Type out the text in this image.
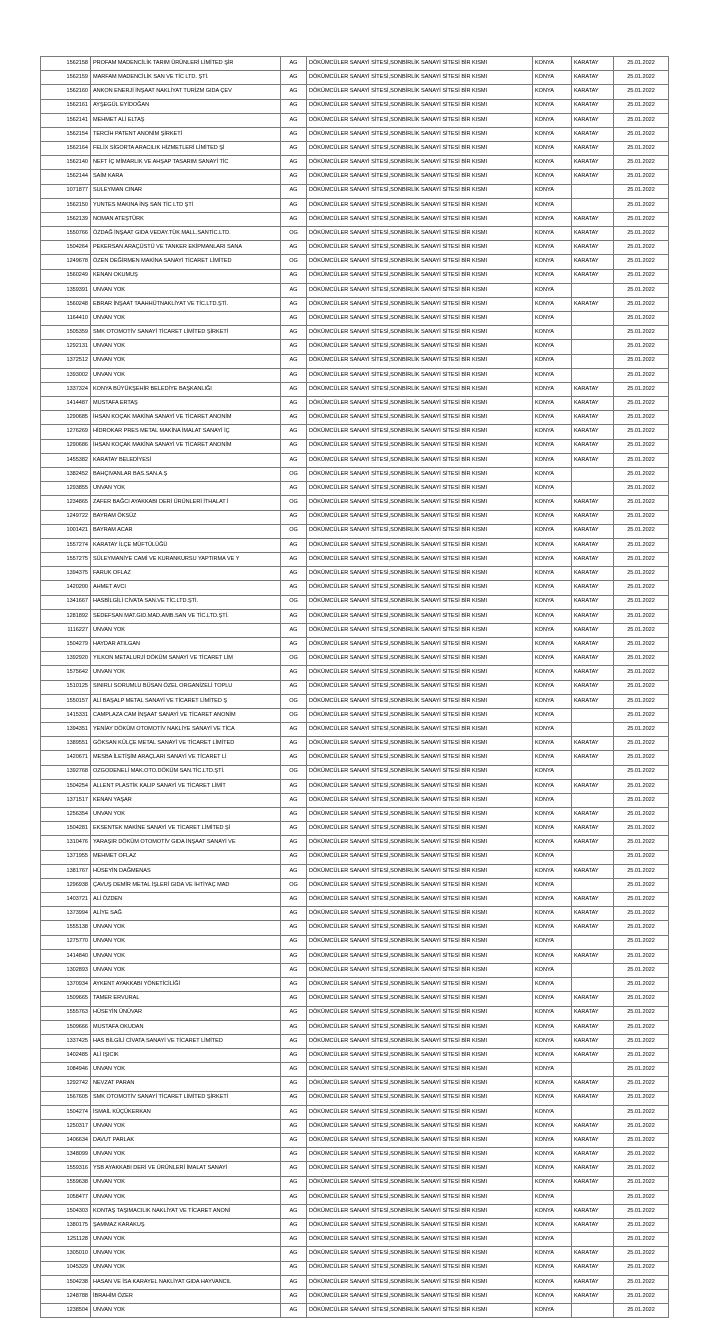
1562158	PROFAM MADENCİLİK TARIM ÜRÜNLERİ LİMİTED ŞİR	AG	DÖKÜMCÜLER SANAYİ SİTESİ,SONBİRLİK SANAYİ SİTESİ BİR KISMI	KONYA	KARATAY	25.01.2022
1562159	MARFAM MADENCİLİK SAN VE TİC LTD. ŞTİ.	AG	DÖKÜMCÜLER SANAYİ SİTESİ,SONBİRLİK SANAYİ SİTESİ BİR KISMI	KONYA	KARATAY	25.01.2022
1562160	ANKON ENERJİ İNŞAAT NAKLİYAT TURİZM GIDA ÇEV	AG	DÖKÜMCÜLER SANAYİ SİTESİ,SONBİRLİK SANAYİ SİTESİ BİR KISMI	KONYA	KARATAY	25.01.2022
1562161	AYŞEGÜL EYİDOĞAN	AG	DÖKÜMCÜLER SANAYİ SİTESİ,SONBİRLİK SANAYİ SİTESİ BİR KISMI	KONYA	KARATAY	25.01.2022
1562141	MEHMET ALİ ELTAŞ	AG	DÖKÜMCÜLER SANAYİ SİTESİ,SONBİRLİK SANAYİ SİTESİ BİR KISMI	KONYA	KARATAY	25.01.2022
1562154	TERCİH PATENT ANONİM ŞİRKETİ	AG	DÖKÜMCÜLER SANAYİ SİTESİ,SONBİRLİK SANAYİ SİTESİ BİR KISMI	KONYA	KARATAY	25.01.2022
1562164	FELİX SİGORTA ARACILIK HİZMETLERİ LİMİTED Şİ	AG	DÖKÜMCÜLER SANAYİ SİTESİ,SONBİRLİK SANAYİ SİTESİ BİR KISMI	KONYA	KARATAY	25.01.2022
1562140	NEFT İÇ MİMARLIK VE AHŞAP TASARIM SANAYİ TİC	AG	DÖKÜMCÜLER SANAYİ SİTESİ,SONBİRLİK SANAYİ SİTESİ BİR KISMI	KONYA	KARATAY	25.01.2022
1562144	SAİM KARA	AG	DÖKÜMCÜLER SANAYİ SİTESİ,SONBİRLİK SANAYİ SİTESİ BİR KISMI	KONYA	KARATAY	25.01.2022
1071877	SULEYMAN CINAR	AG	DÖKÜMCÜLER SANAYİ SİTESİ,SONBİRLİK SANAYİ SİTESİ BİR KISMI	KONYA		25.01.2022
1562150	YUNTES MAKINA İNŞ SAN TİC LTD ŞTİ	AG	DÖKÜMCÜLER SANAYİ SİTESİ,SONBİRLİK SANAYİ SİTESİ BİR KISMI	KONYA		25.01.2022
1562139	NOMAN ATEŞTÜRK	AG	DÖKÜMCÜLER SANAYİ SİTESİ,SONBİRLİK SANAYİ SİTESİ BİR KISMI	KONYA	KARATAY	25.01.2022
1550766	ÖZDAĞ İNŞAAT GIDA VEDAY.TÜK MALL.SANTİC.LTD.	OG	DÖKÜMCÜLER SANAYİ SİTESİ,SONBİRLİK SANAYİ SİTESİ BİR KISMI	KONYA	KARATAY	25.01.2022
1504264	PEKERSAN ARAÇÜSTÜ VE TANKER EKİPMANLARI SANA	AG	DÖKÜMCÜLER SANAYİ SİTESİ,SONBİRLİK SANAYİ SİTESİ BİR KISMI	KONYA	KARATAY	25.01.2022
1249678	ÖZEN DEĞİRMEN MAKİNA SANAYİ TİCARET LİMİTED	OG	DÖKÜMCÜLER SANAYİ SİTESİ,SONBİRLİK SANAYİ SİTESİ BİR KISMI	KONYA	KARATAY	25.01.2022
1560249	KENAN OKUMUŞ	AG	DÖKÜMCÜLER SANAYİ SİTESİ,SONBİRLİK SANAYİ SİTESİ BİR KISMI	KONYA	KARATAY	25.01.2022
1359391	UNVAN YOK	AG	DÖKÜMCÜLER SANAYİ SİTESİ,SONBİRLİK SANAYİ SİTESİ BİR KISMI	KONYA		25.01.2022
1560248	EBRAR İNŞAAT TAAHHÜTNAKLİYAT VE TİC.LTD.ŞTİ.	AG	DÖKÜMCÜLER SANAYİ SİTESİ,SONBİRLİK SANAYİ SİTESİ BİR KISMI	KONYA	KARATAY	25.01.2022
1164410	UNVAN YOK	AG	DÖKÜMCÜLER SANAYİ SİTESİ,SONBİRLİK SANAYİ SİTESİ BİR KISMI	KONYA		25.01.2022
1505359	SMK OTOMOTİV SANAYİ TİCARET LİMİTED ŞİRKETİ	AG	DÖKÜMCÜLER SANAYİ SİTESİ,SONBİRLİK SANAYİ SİTESİ BİR KISMI	KONYA		25.01.2022
1292131	UNVAN YOK	AG	DÖKÜMCÜLER SANAYİ SİTESİ,SONBİRLİK SANAYİ SİTESİ BİR KISMI	KONYA		25.01.2022
1372512	UNVAN YOK	AG	DÖKÜMCÜLER SANAYİ SİTESİ,SONBİRLİK SANAYİ SİTESİ BİR KISMI	KONYA		25.01.2022
1393002	UNVAN YOK	AG	DÖKÜMCÜLER SANAYİ SİTESİ,SONBİRLİK SANAYİ SİTESİ BİR KISMI	KONYA		25.01.2022
1337324	KONYA BÜYÜKŞEHİR BELEDİYE BAŞKANLIĞI	AG	DÖKÜMCÜLER SANAYİ SİTESİ,SONBİRLİK SANAYİ SİTESİ BİR KISMI	KONYA	KARATAY	25.01.2022
1414487	MUSTAFA ERTAŞ	AG	DÖKÜMCÜLER SANAYİ SİTESİ,SONBİRLİK SANAYİ SİTESİ BİR KISMI	KONYA	KARATAY	25.01.2022
1290685	İHSAN KOÇAK MAKİNA SANAYİ VE TİCARET ANONİM	AG	DÖKÜMCÜLER SANAYİ SİTESİ,SONBİRLİK SANAYİ SİTESİ BİR KISMI	KONYA	KARATAY	25.01.2022
1276269	HİDROKAR PRES METAL MAKİNA İMALAT SANAYİ İÇ	AG	DÖKÜMCÜLER SANAYİ SİTESİ,SONBİRLİK SANAYİ SİTESİ BİR KISMI	KONYA	KARATAY	25.01.2022
1290686	İHSAN KOÇAK MAKİNA SANAYİ VE TİCARET ANONİM	AG	DÖKÜMCÜLER SANAYİ SİTESİ,SONBİRLİK SANAYİ SİTESİ BİR KISMI	KONYA	KARATAY	25.01.2022
1455382	KARATAY BELEDİYESİ	AG	DÖKÜMCÜLER SANAYİ SİTESİ,SONBİRLİK SANAYİ SİTESİ BİR KISMI	KONYA	KARATAY	25.01.2022
1382452	BAHÇIVANLAR BAS.SAN.A.Ş	OG	DÖKÜMCÜLER SANAYİ SİTESİ,SONBİRLİK SANAYİ SİTESİ BİR KISMI	KONYA		25.01.2022
1293855	UNVAN YOK	AG	DÖKÜMCÜLER SANAYİ SİTESİ,SONBİRLİK SANAYİ SİTESİ BİR KISMI	KONYA		25.01.2022
1234865	ZAFER BAĞCI AYAKKABI DERİ ÜRÜNLERİ İTHALAT İ	OG	DÖKÜMCÜLER SANAYİ SİTESİ,SONBİRLİK SANAYİ SİTESİ BİR KISMI	KONYA	KARATAY	25.01.2022
1249722	BAYRAM ÖKSÜZ	AG	DÖKÜMCÜLER SANAYİ SİTESİ,SONBİRLİK SANAYİ SİTESİ BİR KISMI	KONYA	KARATAY	25.01.2022
1001421	BAYRAM ACAR	OG	DÖKÜMCÜLER SANAYİ SİTESİ,SONBİRLİK SANAYİ SİTESİ BİR KISMI	KONYA	KARATAY	25.01.2022
1557274	KARATAY İLÇE MÜFTÜLÜĞÜ	AG	DÖKÜMCÜLER SANAYİ SİTESİ,SONBİRLİK SANAYİ SİTESİ BİR KISMI	KONYA	KARATAY	25.01.2022
1557275	SÜLEYMANİYE CAMİ VE KURANKURSU YAPTIRMA VE Y	AG	DÖKÜMCÜLER SANAYİ SİTESİ,SONBİRLİK SANAYİ SİTESİ BİR KISMI	KONYA	KARATAY	25.01.2022
1394375	FARUK OFLAZ	AG	DÖKÜMCÜLER SANAYİ SİTESİ,SONBİRLİK SANAYİ SİTESİ BİR KISMI	KONYA	KARATAY	25.01.2022
1420200	AHMET AVCI	AG	DÖKÜMCÜLER SANAYİ SİTESİ,SONBİRLİK SANAYİ SİTESİ BİR KISMI	KONYA	KARATAY	25.01.2022
1341667	HASBİLGİLİ CİVATA SAN.VE TİC.LTD.ŞTİ.	OG	DÖKÜMCÜLER SANAYİ SİTESİ,SONBİRLİK SANAYİ SİTESİ BİR KISMI	KONYA	KARATAY	25.01.2022
1281892	SEDEFSAN MAT.GID.MAD.AMB.SAN VE TİC.LTD.ŞTİ.	AG	DÖKÜMCÜLER SANAYİ SİTESİ,SONBİRLİK SANAYİ SİTESİ BİR KISMI	KONYA	KARATAY	25.01.2022
1116227	UNVAN YOK	AG	DÖKÜMCÜLER SANAYİ SİTESİ,SONBİRLİK SANAYİ SİTESİ BİR KISMI	KONYA	KARATAY	25.01.2022
1504279	HAYDAR ATILGAN	AG	DÖKÜMCÜLER SANAYİ SİTESİ,SONBİRLİK SANAYİ SİTESİ BİR KISMI	KONYA	KARATAY	25.01.2022
1392920	YILKON METALURJİ DÖKÜM SANAYİ VE TİCARET LİM	OG	DÖKÜMCÜLER SANAYİ SİTESİ,SONBİRLİK SANAYİ SİTESİ BİR KISMI	KONYA	KARATAY	25.01.2022
1575642	UNVAN YOK	AG	DÖKÜMCÜLER SANAYİ SİTESİ,SONBİRLİK SANAYİ SİTESİ BİR KISMI	KONYA	KARATAY	25.01.2022
1510125	SINIRLI SORUMLU BÜSAN ÖZEL ORGANİZELİ TOPLU	AG	DÖKÜMCÜLER SANAYİ SİTESİ,SONBİRLİK SANAYİ SİTESİ BİR KISMI	KONYA	KARATAY	25.01.2022
1550157	ALİ BAŞALP METAL SANAYİ VE TİCARET LİMİTED Ş	OG	DÖKÜMCÜLER SANAYİ SİTESİ,SONBİRLİK SANAYİ SİTESİ BİR KISMI	KONYA	KARATAY	25.01.2022
1415331	CAMPLAZA CAM İNŞAAT SANAYİ VE TİCARET ANONİM	OG	DÖKÜMCÜLER SANAYİ SİTESİ,SONBİRLİK SANAYİ SİTESİ BİR KISMI	KONYA		25.01.2022
1394351	YENİAY DÖKÜM OTOMOTİV NAKLİYE SANAYİ VE TİCA	AG	DÖKÜMCÜLER SANAYİ SİTESİ,SONBİRLİK SANAYİ SİTESİ BİR KISMI	KONYA		25.01.2022
1389551	GÖKSAN KÜLÇE METAL SANAYİ VE TİCARET LİMİTED	AG	DÖKÜMCÜLER SANAYİ SİTESİ,SONBİRLİK SANAYİ SİTESİ BİR KISMI	KONYA	KARATAY	25.01.2022
1420671	MESBA İLETİŞİM ARAÇLARI SANAYİ VE TİCARET Lİ	AG	DÖKÜMCÜLER SANAYİ SİTESİ,SONBİRLİK SANAYİ SİTESİ BİR KISMI	KONYA	KARATAY	25.01.2022
1392768	OZGODENELİ MAK.OTO.DÖKÜM SAN.TİC.LTD.ŞTİ.	OG	DÖKÜMCÜLER SANAYİ SİTESİ,SONBİRLİK SANAYİ SİTESİ BİR KISMI	KONYA		25.01.2022
1504254	ALLENT PLASTİK KALIP SANAYİ VE TİCARET LİMİT	AG	DÖKÜMCÜLER SANAYİ SİTESİ,SONBİRLİK SANAYİ SİTESİ BİR KISMI	KONYA	KARATAY	25.01.2022
1371517	KENAN YAŞAR	AG	DÖKÜMCÜLER SANAYİ SİTESİ,SONBİRLİK SANAYİ SİTESİ BİR KISMI	KONYA		25.01.2022
1256354	UNVAN YOK	AG	DÖKÜMCÜLER SANAYİ SİTESİ,SONBİRLİK SANAYİ SİTESİ BİR KISMI	KONYA	KARATAY	25.01.2022
1504281	EKSENTEK MAKİNE SANAYİ VE TİCARET LİMİTED Şİ	AG	DÖKÜMCÜLER SANAYİ SİTESİ,SONBİRLİK SANAYİ SİTESİ BİR KISMI	KONYA	KARATAY	25.01.2022
1310476	YARAŞIR DÖKÜM OTOMOTİV GIDA İNŞAAT SANAYİ VE	AG	DÖKÜMCÜLER SANAYİ SİTESİ,SONBİRLİK SANAYİ SİTESİ BİR KISMI	KONYA	KARATAY	25.01.2022
1371955	MEHMET OFLAZ	AG	DÖKÜMCÜLER SANAYİ SİTESİ,SONBİRLİK SANAYİ SİTESİ BİR KISMI	KONYA		25.01.2022
1381767	HÜSEYİN DAĞMENAS	AG	DÖKÜMCÜLER SANAYİ SİTESİ,SONBİRLİK SANAYİ SİTESİ BİR KISMI	KONYA	KARATAY	25.01.2022
1296938	ÇAVUŞ DEMİR METAL İŞLERİ GIDA VE İHTİYAÇ MAD	OG	DÖKÜMCÜLER SANAYİ SİTESİ,SONBİRLİK SANAYİ SİTESİ BİR KISMI	KONYA		25.01.2022
1403721	ALİ ÖZDEN	AG	DÖKÜMCÜLER SANAYİ SİTESİ,SONBİRLİK SANAYİ SİTESİ BİR KISMI	KONYA	KARATAY	25.01.2022
1373994	ALİYE SAĞ	AG	DÖKÜMCÜLER SANAYİ SİTESİ,SONBİRLİK SANAYİ SİTESİ BİR KISMI	KONYA	KARATAY	25.01.2022
1555138	UNVAN YOK	AG	DÖKÜMCÜLER SANAYİ SİTESİ,SONBİRLİK SANAYİ SİTESİ BİR KISMI	KONYA	KARATAY	25.01.2022
1275770	UNVAN YOK	AG	DÖKÜMCÜLER SANAYİ SİTESİ,SONBİRLİK SANAYİ SİTESİ BİR KISMI	KONYA		25.01.2022
1414840	UNVAN YOK	AG	DÖKÜMCÜLER SANAYİ SİTESİ,SONBİRLİK SANAYİ SİTESİ BİR KISMI	KONYA	KARATAY	25.01.2022
1302893	UNVAN YOK	AG	DÖKÜMCÜLER SANAYİ SİTESİ,SONBİRLİK SANAYİ SİTESİ BİR KISMI	KONYA		25.01.2022
1370934	AYKENT AYAKKABI YÖNETİCİLİĞİ	AG	DÖKÜMCÜLER SANAYİ SİTESİ,SONBİRLİK SANAYİ SİTESİ BİR KISMI	KONYA		25.01.2022
1509665	TAMER ERVURAL	AG	DÖKÜMCÜLER SANAYİ SİTESİ,SONBİRLİK SANAYİ SİTESİ BİR KISMI	KONYA	KARATAY	25.01.2022
1555763	HÜSEYİN ÜNÜVAR	AG	DÖKÜMCÜLER SANAYİ SİTESİ,SONBİRLİK SANAYİ SİTESİ BİR KISMI	KONYA	KARATAY	25.01.2022
1509666	MUSTAFA OKUDAN	AG	DÖKÜMCÜLER SANAYİ SİTESİ,SONBİRLİK SANAYİ SİTESİ BİR KISMI	KONYA	KARATAY	25.01.2022
1337425	HAS BİLGİLİ CİVATA SANAYİ VE TİCARET LİMİTED	AG	DÖKÜMCÜLER SANAYİ SİTESİ,SONBİRLİK SANAYİ SİTESİ BİR KISMI	KONYA	KARATAY	25.01.2022
1402485	ALİ IŞICIK	AG	DÖKÜMCÜLER SANAYİ SİTESİ,SONBİRLİK SANAYİ SİTESİ BİR KISMI	KONYA	KARATAY	25.01.2022
1084946	UNVAN YOK	AG	DÖKÜMCÜLER SANAYİ SİTESİ,SONBİRLİK SANAYİ SİTESİ BİR KISMI	KONYA		25.01.2022
1292742	NEVZAT PARAN	AG	DÖKÜMCÜLER SANAYİ SİTESİ,SONBİRLİK SANAYİ SİTESİ BİR KISMI	KONYA	KARATAY	25.01.2022
1567605	SMK OTOMOTİV SANAYİ TİCARET LİMİTED ŞİRKETİ	AG	DÖKÜMCÜLER SANAYİ SİTESİ,SONBİRLİK SANAYİ SİTESİ BİR KISMI	KONYA	KARATAY	25.01.2022
1504274	İSMAİL KÜÇÜKERKAN	AG	DÖKÜMCÜLER SANAYİ SİTESİ,SONBİRLİK SANAYİ SİTESİ BİR KISMI	KONYA		25.01.2022
1250317	UNVAN YOK	AG	DÖKÜMCÜLER SANAYİ SİTESİ,SONBİRLİK SANAYİ SİTESİ BİR KISMI	KONYA	KARATAY	25.01.2022
1406634	DAVUT PARLAK	AG	DÖKÜMCÜLER SANAYİ SİTESİ,SONBİRLİK SANAYİ SİTESİ BİR KISMI	KONYA	KARATAY	25.01.2022
1348099	UNVAN YOK	AG	DÖKÜMCÜLER SANAYİ SİTESİ,SONBİRLİK SANAYİ SİTESİ BİR KISMI	KONYA	KARATAY	25.01.2022
1559316	YSB AYAKKABI DERİ VE ÜRÜNLERİ İMALAT SANAYİ	AG	DÖKÜMCÜLER SANAYİ SİTESİ,SONBİRLİK SANAYİ SİTESİ BİR KISMI	KONYA	KARATAY	25.01.2022
1559638	UNVAN YOK	AG	DÖKÜMCÜLER SANAYİ SİTESİ,SONBİRLİK SANAYİ SİTESİ BİR KISMI	KONYA	KARATAY	25.01.2022
1058477	UNVAN YOK	AG	DÖKÜMCÜLER SANAYİ SİTESİ,SONBİRLİK SANAYİ SİTESİ BİR KISMI	KONYA		25.01.2022
1504303	KONTAŞ TAŞIMACILIK NAKLİYAT VE TİCARET ANONİ	AG	DÖKÜMCÜLER SANAYİ SİTESİ,SONBİRLİK SANAYİ SİTESİ BİR KISMI	KONYA	KARATAY	25.01.2022
1380175	ŞAMMAZ KARAKUŞ	AG	DÖKÜMCÜLER SANAYİ SİTESİ,SONBİRLİK SANAYİ SİTESİ BİR KISMI	KONYA	KARATAY	25.01.2022
1251128	UNVAN YOK	AG	DÖKÜMCÜLER SANAYİ SİTESİ,SONBİRLİK SANAYİ SİTESİ BİR KISMI	KONYA		25.01.2022
1305010	UNVAN YOK	AG	DÖKÜMCÜLER SANAYİ SİTESİ,SONBİRLİK SANAYİ SİTESİ BİR KISMI	KONYA	KARATAY	25.01.2022
1045329	UNVAN YOK	AG	DÖKÜMCÜLER SANAYİ SİTESİ,SONBİRLİK SANAYİ SİTESİ BİR KISMI	KONYA	KARATAY	25.01.2022
1504238	HASAN VE İSA KARAYEL NAKLİYAT GIDA HAYVANCIL	AG	DÖKÜMCÜLER SANAYİ SİTESİ,SONBİRLİK SANAYİ SİTESİ BİR KISMI	KONYA	KARATAY	25.01.2022
1248788	İBRAHİM ÖZER	AG	DÖKÜMCÜLER SANAYİ SİTESİ,SONBİRLİK SANAYİ SİTESİ BİR KISMI	KONYA	KARATAY	25.01.2022
1238504	UNVAN YOK	AG	DÖKÜMCÜLER SANAYİ SİTESİ,SONBİRLİK SANAYİ SİTESİ BİR KISMI	KONYA		25.01.2022
